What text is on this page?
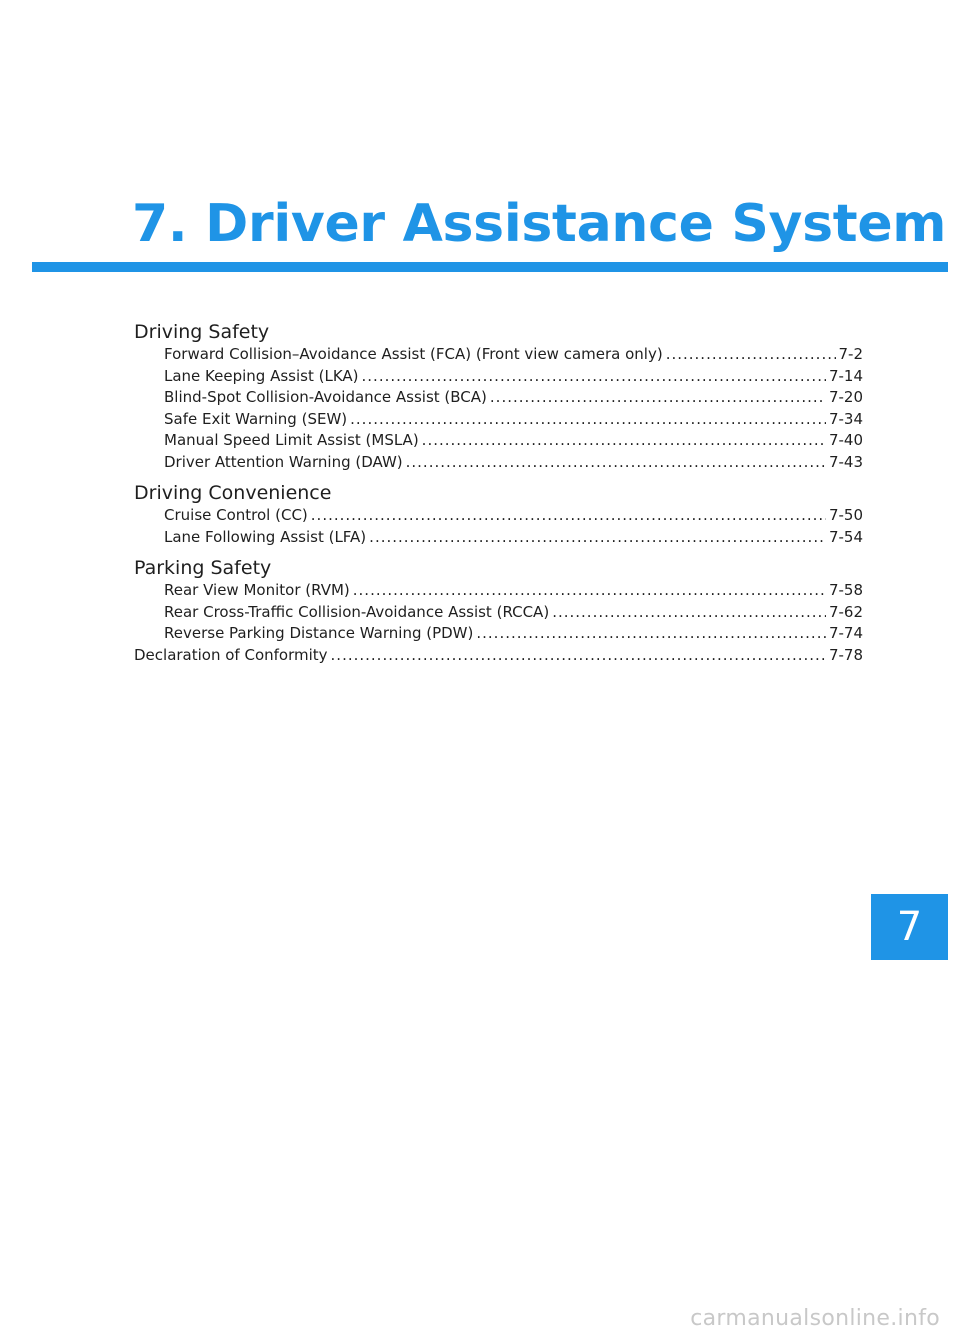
7. Driver Assistance System
Driving Safety
Forward Collision–Avoidance Assist (FCA) (Front view camera only) .....	7-2
Lane Keeping Assist (LKA) .....	7-14
Blind-Spot Collision-Avoidance Assist (BCA) .....	7-20
Safe Exit Warning (SEW) .....	7-34
Manual Speed Limit Assist (MSLA) .....	7-40
Driver Attention Warning (DAW) .....	7-43
Driving Convenience
Cruise Control (CC) .....	7-50
Lane Following Assist (LFA) .....	7-54
Parking Safety
Rear View Monitor (RVM) .....	7-58
Rear Cross-Traffic Collision-Avoidance Assist (RCCA) .....	7-62
Reverse Parking Distance Warning (PDW) .....	7-74
Declaration of Conformity .....	7-78
7
carmanualsonline.info
